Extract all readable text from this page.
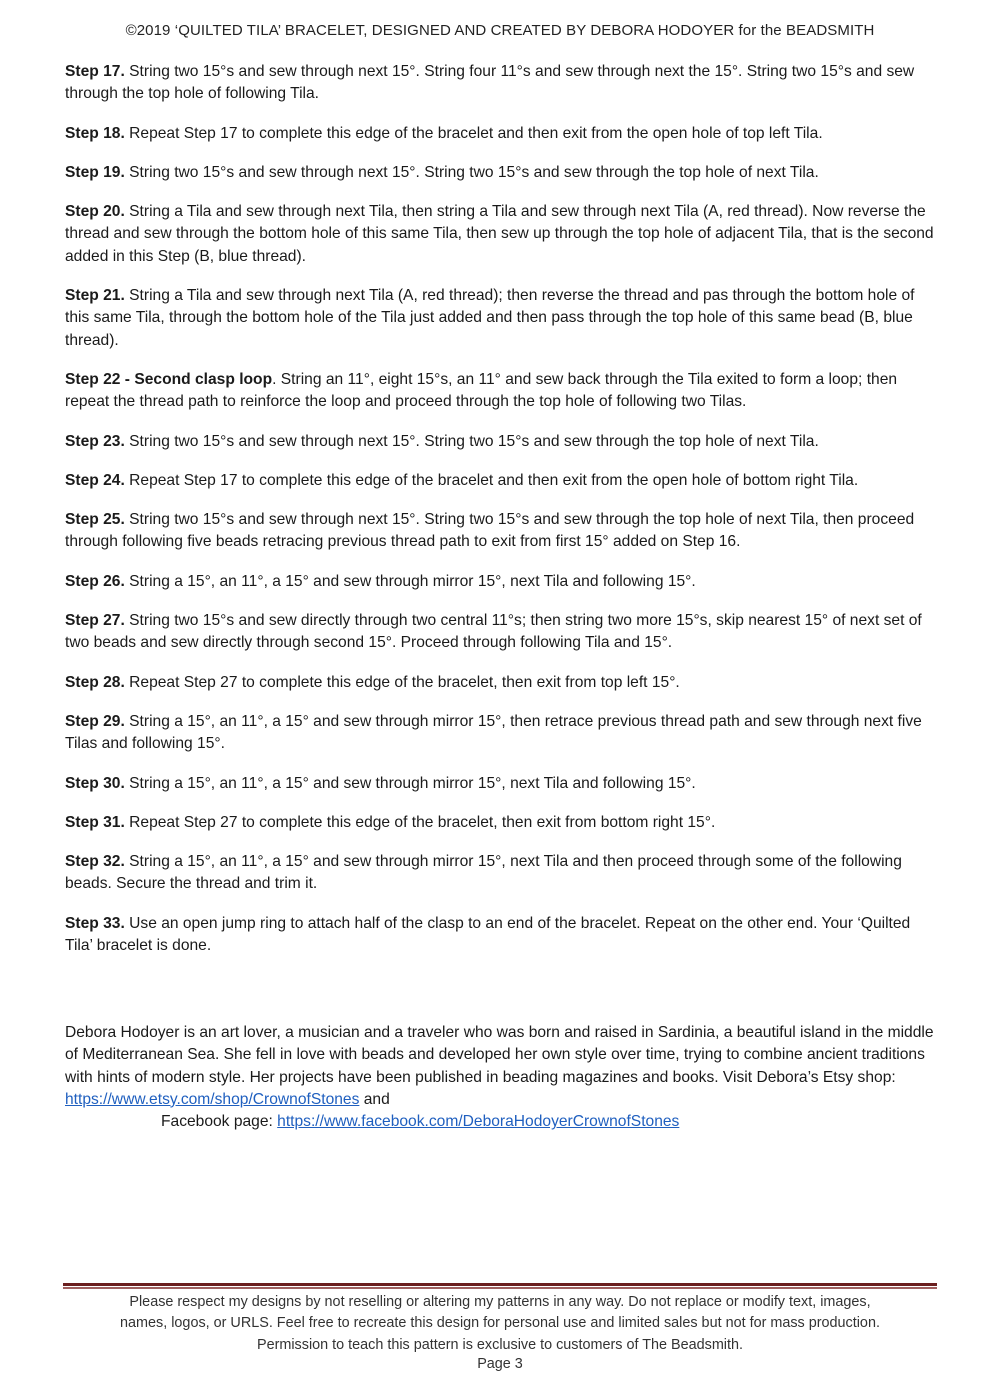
©2019 ‘QUILTED TILA’ BRACELET, DESIGNED AND CREATED BY DEBORA HODOYER for the BEADSMITH

Step 17. String two 15°s and sew through next 15°. String four 11°s and sew through next the 15°. String two 15°s and sew through the top hole of following Tila.

Step 18. Repeat Step 17 to complete this edge of the bracelet and then exit from the open hole of top left Tila.

Step 19. String two 15°s and sew through next 15°. String two 15°s and sew through the top hole of next Tila.

Step 20. String a Tila and sew through next Tila, then string a Tila and sew through next Tila (A, red thread). Now reverse the thread and sew through the bottom hole of this same Tila, then sew up through the top hole of adjacent Tila, that is the second added in this Step (B, blue thread).

Step 21. String a Tila and sew through next Tila (A, red thread); then reverse the thread and pas through the bottom hole of this same Tila, through the bottom hole of the Tila just added and then pass through the top hole of this same bead (B, blue thread).

Step 22 - Second clasp loop. String an 11°, eight 15°s, an 11° and sew back through the Tila exited to form a loop; then repeat the thread path to reinforce the loop and proceed through the top hole of following two Tilas.

Step 23. String two 15°s and sew through next 15°. String two 15°s and sew through the top hole of next Tila.

Step 24. Repeat Step 17 to complete this edge of the bracelet and then exit from the open hole of bottom right Tila.

Step 25. String two 15°s and sew through next 15°. String two 15°s and sew through the top hole of next Tila, then proceed through following five beads retracing previous thread path to exit from first 15° added on Step 16.

Step 26. String a 15°, an 11°, a 15° and sew through mirror 15°, next Tila and following 15°.

Step 27. String two 15°s and sew directly through two central 11°s; then string two more 15°s, skip nearest 15° of next set of two beads and sew directly through second 15°. Proceed through following Tila and 15°.

Step 28. Repeat Step 27 to complete this edge of the bracelet, then exit from top left 15°.

Step 29. String a 15°, an 11°, a 15° and sew through mirror 15°, then retrace previous thread path and sew through next five Tilas and following 15°.

Step 30. String a 15°, an 11°, a 15° and sew through mirror 15°, next Tila and following 15°.

Step 31. Repeat Step 27 to complete this edge of the bracelet, then exit from bottom right 15°.

Step 32. String a 15°, an 11°, a 15° and sew through mirror 15°, next Tila and then proceed through some of the following beads. Secure the thread and trim it.

Step 33. Use an open jump ring to attach half of the clasp to an end of the bracelet. Repeat on the other end. Your ‘Quilted Tila’ bracelet is done.

Debora Hodoyer is an art lover, a musician and a traveler who was born and raised in Sardinia, a beautiful island in the middle of Mediterranean Sea. She fell in love with beads and developed her own style over time, trying to combine ancient traditions with hints of modern style. Her projects have been published in beading magazines and books. Visit Debora’s Etsy shop: https://www.etsy.com/shop/CrownofStones and
Facebook page: https://www.facebook.com/DeboraHodoyerCrownofStones
Please respect my designs by not reselling or altering my patterns in any way. Do not replace or modify text, images,
names, logos, or URLS. Feel free to recreate this design for personal use and limited sales but not for mass production.
Permission to teach this pattern is exclusive to customers of The Beadsmith.
Page 3
